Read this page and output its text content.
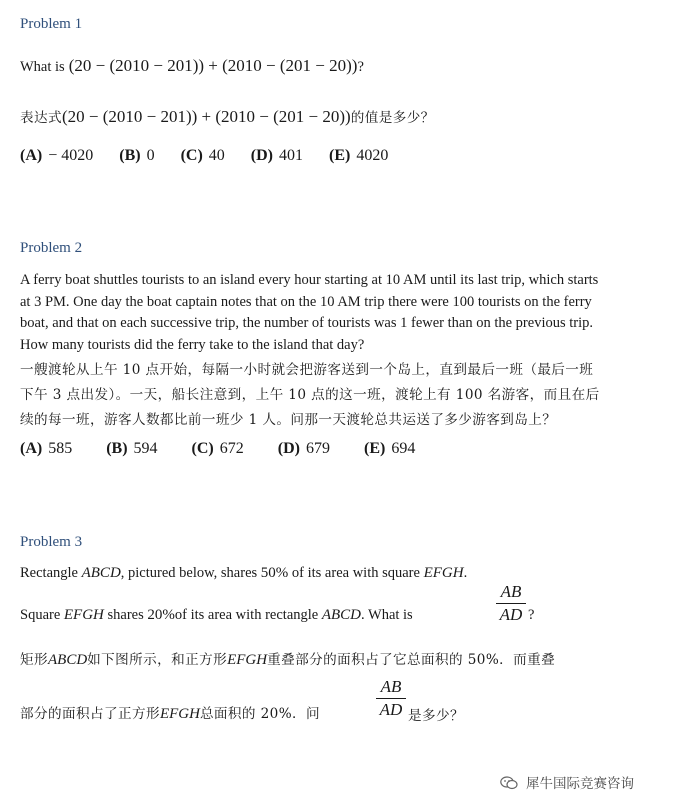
Problem 1
What is (20 − (2010 − 201)) + (2010 − (201 − 20))?
表达式(20 − (2010 − 201)) + (2010 − (201 − 20))的值是多少？
(A) − 4020 (B) 0 (C) 40 (D) 401 (E) 4020
Problem 2
A ferry boat shuttles tourists to an island every hour starting at 10 AM until its last trip, which starts
at 3 PM. One day the boat captain notes that on the 10 AM trip there were 100 tourists on the ferry
boat, and that on each successive trip, the number of tourists was 1 fewer than on the previous trip.
How many tourists did the ferry take to the island that day?
一艘渡轮从上午 10 点开始，每隔一小时就会把游客送到一个岛上，直到最后一班（最后一班
下午 3 点出发）。一天，船长注意到，上午 10 点的这一班，渡轮上有 100 名游客，而且在后
续的每一班，游客人数都比前一班少 1 人。问那一天渡轮总共运送了多少游客到岛上？
(A) 585 (B) 594 (C) 672 (D) 679 (E) 694
Problem 3
Rectangle ABCD, pictured below, shares 50% of its area with square EFGH.
Square EFGH shares 20%of its area with rectangle ABCD. What is
AB
AD ?
矩形ABCD如下图所示，和正方形EFGH重叠部分的面积占了它总面积的 50%．而重叠
部分的面积占了正方形EFGH总面积的 20%．问
AB
AD 是多少？
犀牛国际竞赛咨询
